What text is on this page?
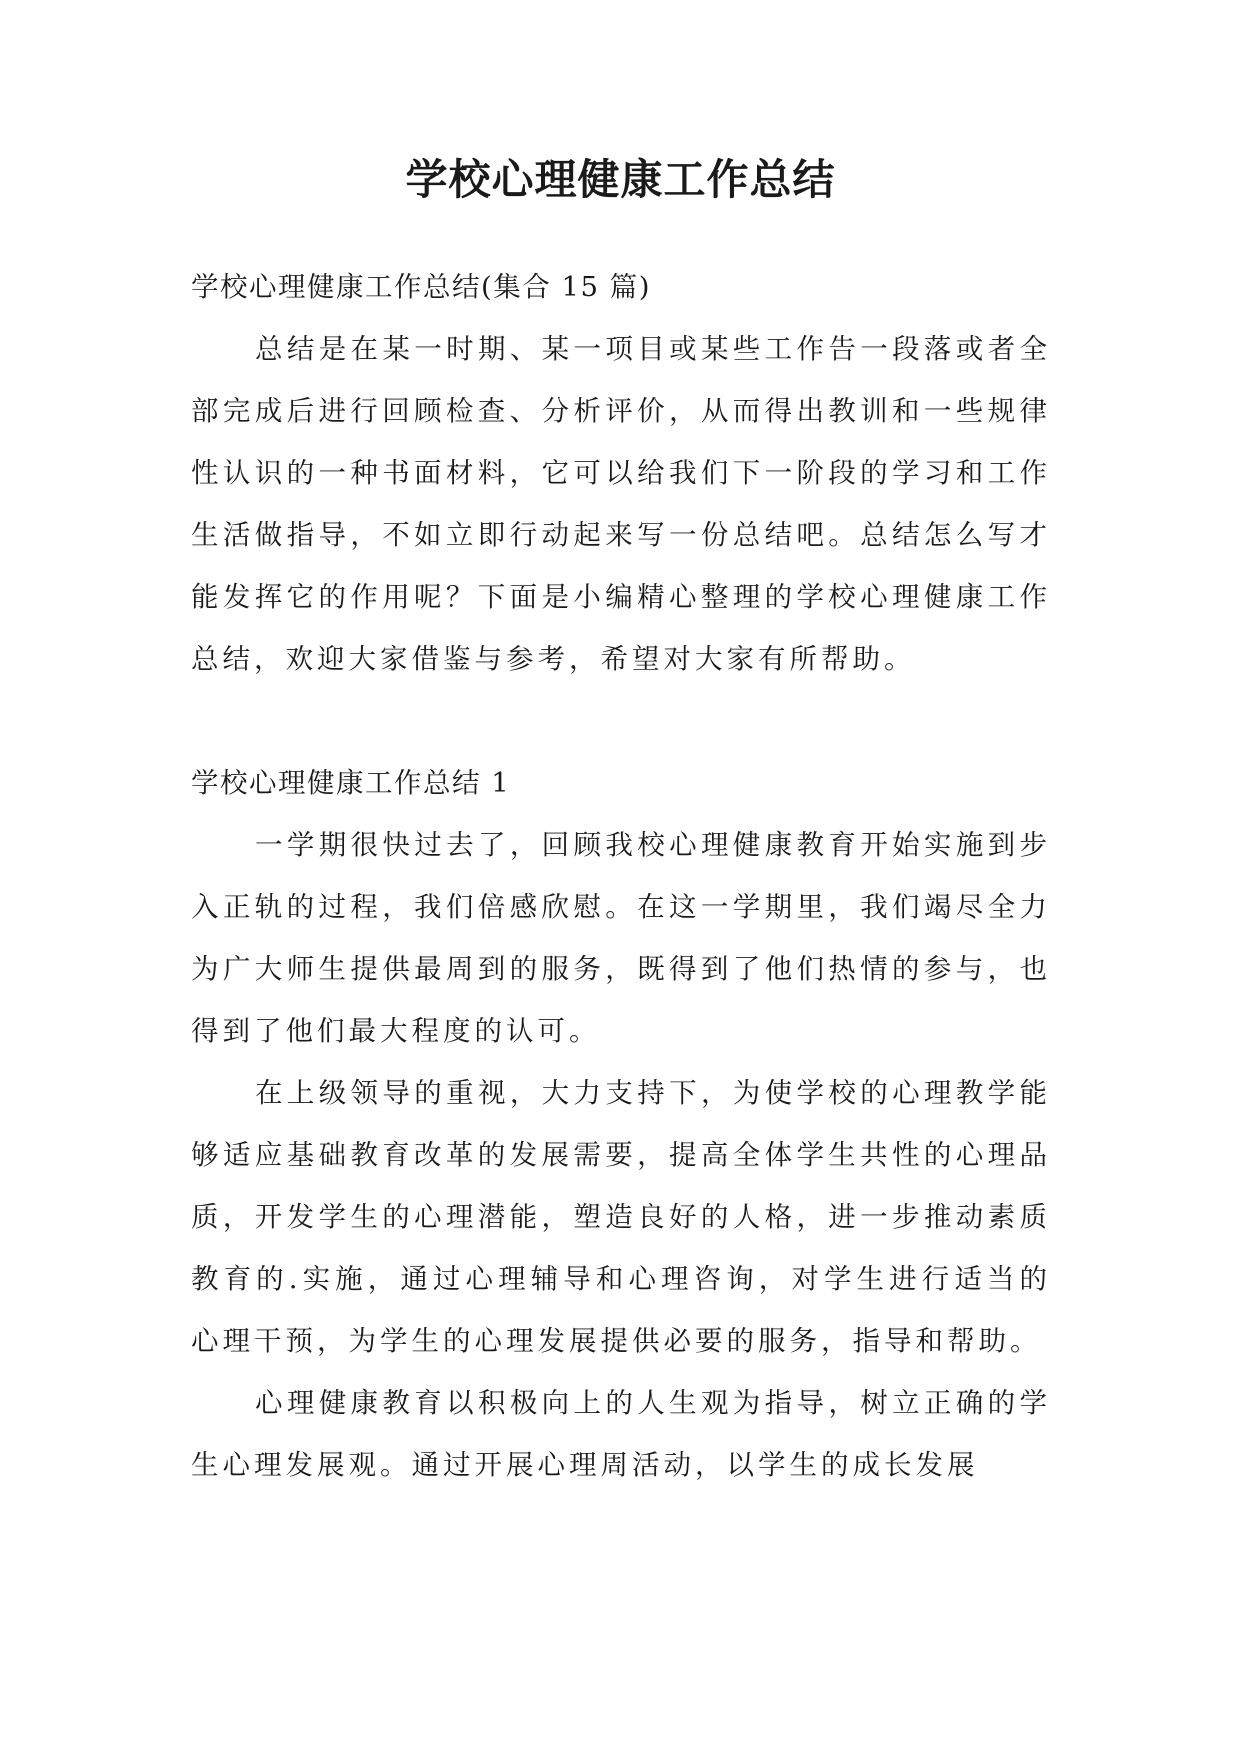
学校心理健康工作总结

学校心理健康工作总结(集合 15 篇)

总结是在某一时期、某一项目或某些工作告一段落或者全部完成后进行回顾检查、分析评价，从而得出教训和一些规律性认识的一种书面材料，它可以给我们下一阶段的学习和工作生活做指导，不如立即行动起来写一份总结吧。总结怎么写才能发挥它的作用呢？下面是小编精心整理的学校心理健康工作总结，欢迎大家借鉴与参考，希望对大家有所帮助。

学校心理健康工作总结 1

一学期很快过去了，回顾我校心理健康教育开始实施到步入正轨的过程，我们倍感欣慰。在这一学期里，我们竭尽全力为广大师生提供最周到的服务，既得到了他们热情的参与，也得到了他们最大程度的认可。

在上级领导的重视，大力支持下，为使学校的心理教学能够适应基础教育改革的发展需要，提高全体学生共性的心理品质，开发学生的心理潜能，塑造良好的人格，进一步推动素质教育的.实施，通过心理辅导和心理咨询，对学生进行适当的心理干预，为学生的心理发展提供必要的服务，指导和帮助。

心理健康教育以积极向上的人生观为指导，树立正确的学生心理发展观。通过开展心理周活动，以学生的成长发展
